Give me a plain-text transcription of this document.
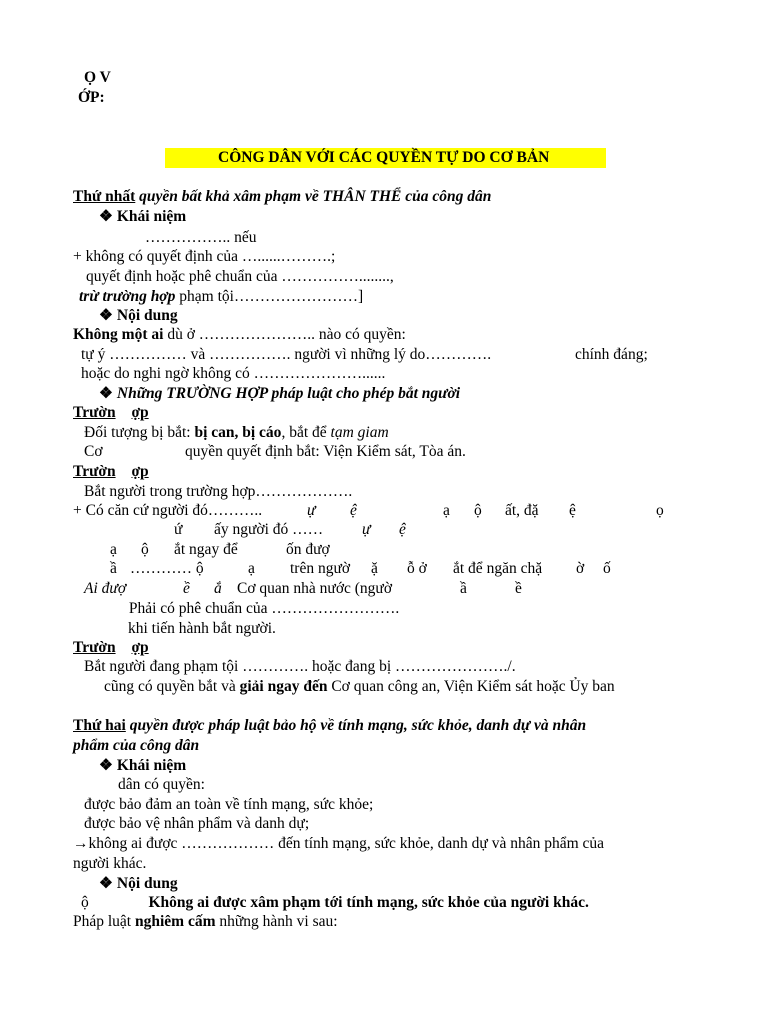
Ọ V
ỚP:
CÔNG DÂN VỚI CÁC QUYỀN TỰ DO CƠ BẢN
Thứ nhất quyền bất khả xâm phạm về THÂN THỂ của công dân
❖ Khái niệm
…………….. nếu
+ không có quyết định của …......……….;
quyết định hoặc phê chuẩn của ……………........,
trừ trường hợp phạm tội……………………]
❖ Nội dung
Không một ai dù ở ………………….. nào có quyền:
tự ý …………… và ……………. người vì những lý do………….	chính đáng;
hoặc do nghi ngờ không có …………………......
❖ Những TRƯỜNG HỢP pháp luật cho phép bắt người
Trườn ợp
Đối tượng bị bắt: bị can, bị cáo, bắt để tạm giam
Cơ	quyền quyết định bắt: Viện Kiểm sát, Tòa án.
Trườn ợp
Bắt người trong trường hợp……………….
+ Có căn cứ người đó………..	ự ệ	ạ ộ ất, đặ ệ	ọ
ứ ấy người đó ……	ự ệ
ạ ộ ắt ngay để	ốn đượ
ầ ………… ộ	ạ	trên ngườ ặ ỗ ở ắt để ngăn chặ ờ ố
Ai đượ	ề ắ Cơ quan nhà nước (ngườ	ầ	ề
Phải có phê chuẩn của …………………….
khi tiến hành bắt người.
Trườn ợp
Bắt người đang phạm tội …………. hoặc đang bị …………………./.
cũng có quyền bắt và giải ngay đến Cơ quan công an, Viện Kiểm sát hoặc Ủy ban
Thứ hai quyền được pháp luật bảo hộ về tính mạng, sức khỏe, danh dự và nhân
phẩm của công dân
❖ Khái niệm
dân có quyền:
được bảo đảm an toàn về tính mạng, sức khỏe;
được bảo vệ nhân phẩm và danh dự;
→không ai được ……………… đến tính mạng, sức khỏe, danh dự và nhân phẩm của
người khác.
❖ Nội dung
ộ	Không ai được xâm phạm tới tính mạng, sức khỏe của người khác.
Pháp luật nghiêm cấm những hành vi sau:
